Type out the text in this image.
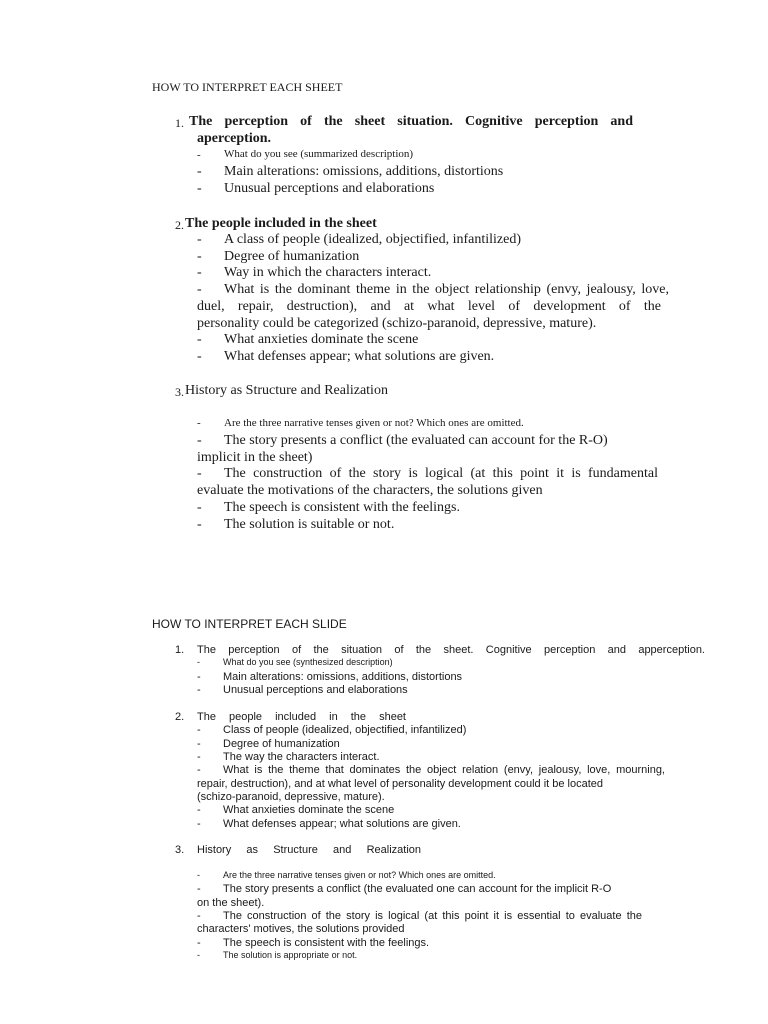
HOW TO INTERPRET EACH SHEET
1. The perception of the sheet situation. Cognitive perception and
aperception.
- What do you see (summarized description)
- Main alterations: omissions, additions, distortions
- Unusual perceptions and elaborations
2. The people included in the sheet
- A class of people (idealized, objectified, infantilized)
- Degree of humanization
- Way in which the characters interact.
- What is the dominant theme in the object relationship (envy, jealousy, love,
duel, repair, destruction), and at what level of development of the
personality could be categorized (schizo-paranoid, depressive, mature).
- What anxieties dominate the scene
- What defenses appear; what solutions are given.
3. History as Structure and Realization
- Are the three narrative tenses given or not? Which ones are omitted.
- The story presents a conflict (the evaluated can account for the R-O)
implicit in the sheet)
- The construction of the story is logical (at this point it is fundamental
evaluate the motivations of the characters, the solutions given
- The speech is consistent with the feelings.
- The solution is suitable or not.
HOW TO INTERPRET EACH SLIDE
1. The perception of the situation of the sheet. Cognitive perception and apperception.
-	What do you see (synthesized description)
- Main alterations: omissions, additions, distortions
- Unusual perceptions and elaborations
2. The people included in the sheet
- Class of people (idealized, objectified, infantilized)
- Degree of humanization
- The way the characters interact.
- What is the theme that dominates the object relation (envy, jealousy, love, mourning,
repair, destruction), and at what level of personality development could it be located
(schizo-paranoid, depressive, mature).
- What anxieties dominate the scene
- What defenses appear; what solutions are given.
3. History as Structure and Realization
-	Are the three narrative tenses given or not? Which ones are omitted.
- The story presents a conflict (the evaluated one can account for the implicit R-O
on the sheet).
- The construction of the story is logical (at this point it is essential to evaluate the
characters' motives, the solutions provided
- The speech is consistent with the feelings.
-	The solution is appropriate or not.
